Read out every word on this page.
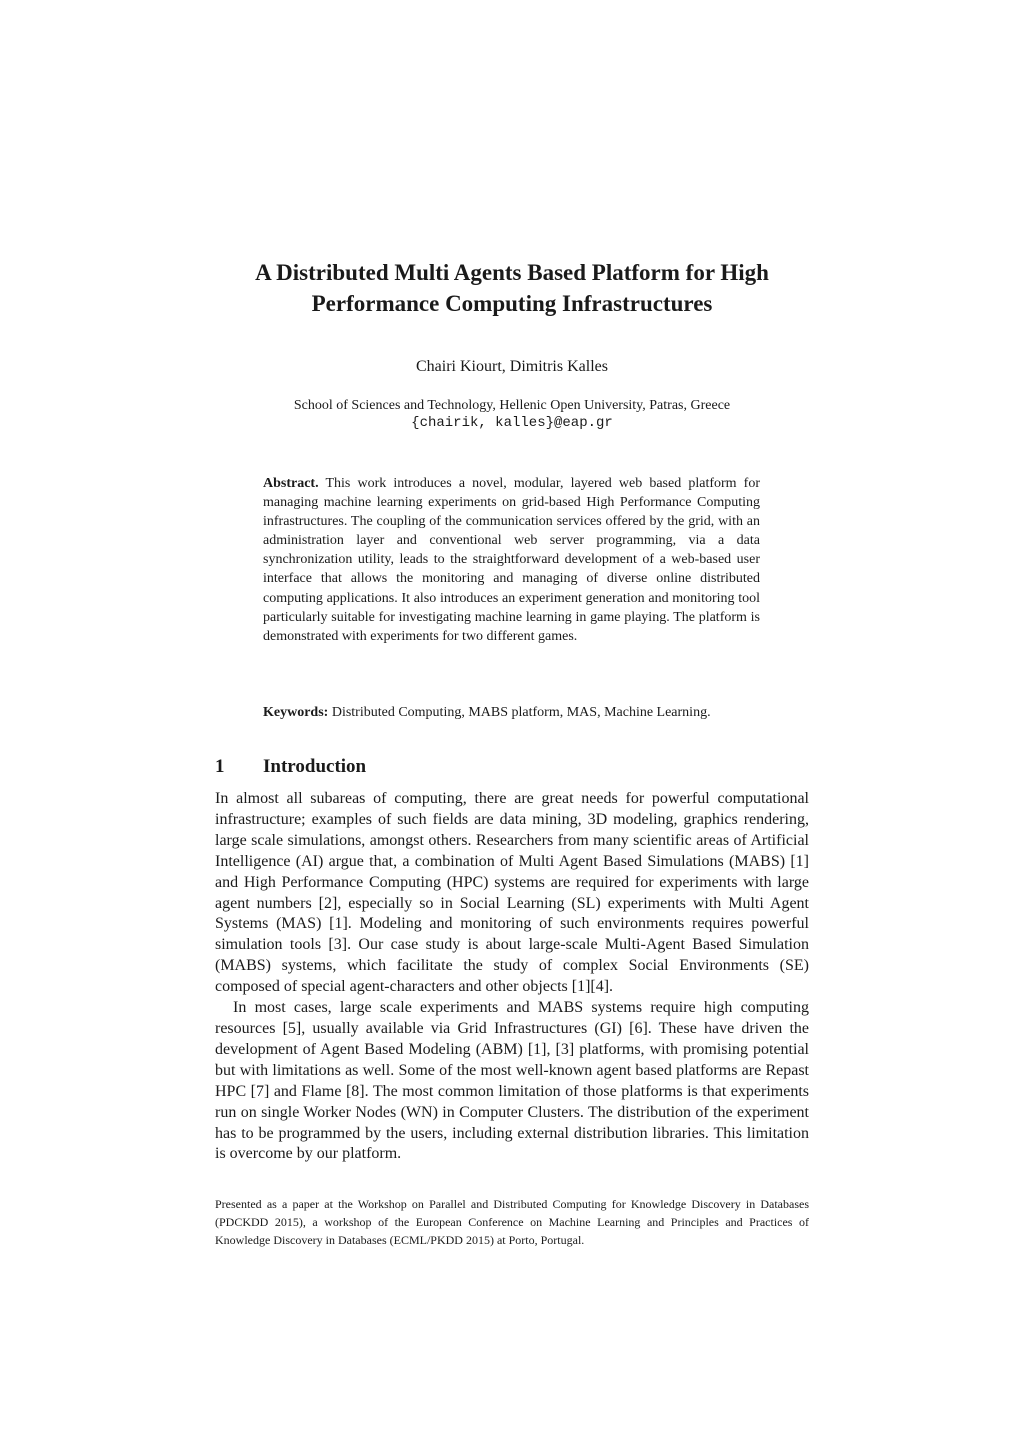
A Distributed Multi Agents Based Platform for High
Performance Computing Infrastructures
Chairi Kiourt, Dimitris Kalles
School of Sciences and Technology, Hellenic Open University, Patras, Greece
{chairik, kalles}@eap.gr

Abstract. This work introduces a novel, modular, layered web based platform for managing machine learning experiments on grid-based High Performance Computing infrastructures. The coupling of the communication services offered by the grid, with an administration layer and conventional web server programming, via a data synchronization utility, leads to the straightforward development of a web-based user interface that allows the monitoring and managing of diverse online distributed computing applications. It also introduces an experiment generation and monitoring tool particularly suitable for investigating machine learning in game playing. The platform is demonstrated with experiments for two different games.

Keywords: Distributed Computing, MABS platform, MAS, Machine Learning.

1 Introduction

In almost all subareas of computing, there are great needs for powerful computational infrastructure; examples of such fields are data mining, 3D modeling, graphics rendering, large scale simulations, amongst others. Researchers from many scientific areas of Artificial Intelligence (AI) argue that, a combination of Multi Agent Based Simulations (MABS) [1] and High Performance Computing (HPC) systems are required for experiments with large agent numbers [2], especially so in Social Learning (SL) experiments with Multi Agent Systems (MAS) [1]. Modeling and monitoring of such environments requires powerful simulation tools [3]. Our case study is about large-scale Multi-Agent Based Simulation (MABS) systems, which facilitate the study of complex Social Environments (SE) composed of special agent-characters and other objects [1][4].

In most cases, large scale experiments and MABS systems require high computing resources [5], usually available via Grid Infrastructures (GI) [6]. These have driven the development of Agent Based Modeling (ABM) [1], [3] platforms, with promising potential but with limitations as well. Some of the most well-known agent based platforms are Repast HPC [7] and Flame [8]. The most common limitation of those platforms is that experiments run on single Worker Nodes (WN) in Computer Clusters. The distribution of the experiment has to be programmed by the users, including external distribution libraries. This limitation is overcome by our platform.

Presented as a paper at the Workshop on Parallel and Distributed Computing for Knowledge Discovery in Databases (PDCKDD 2015), a workshop of the European Conference on Machine Learning and Principles and Practices of Knowledge Discovery in Databases (ECML/PKDD 2015) at Porto, Portugal.
